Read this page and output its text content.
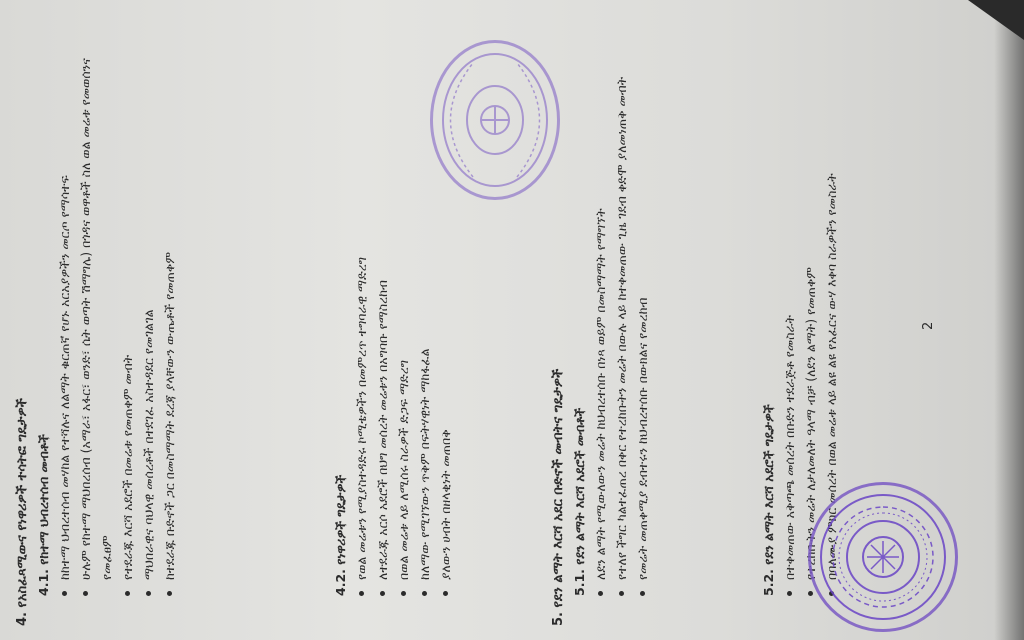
4. የአስፈጻሚውና የነዋሪዎች ተሳትፎ ግዴታዎች 4.1. የከተማ ህብረተሰብ መብቶች ከከተማ ህብረተሰብ መሃከል የተሻሉና ለልማት ቁርጠኛ የሆኑ አርአያዎችን መርጦ የማሳተፍ ሁሉም የከተማ ማህበረሰብ (አማራ፣ አፋር፣ ወንድ፣ ሴት ወጣት ሽማግሌ) በጎዳና ወዋቶች ስለ ወል መሬቱ የመወሰንና የመፈፀም የተደራጁ እርሻ አደሮች በመሬቱ የመጠቀም መብት ማህበራዊና ባህላዊ መሰረቶች በተደገፈ አስተዳደር የመገልገል ከተደራጁ ቡድኖች ጋር በመስማማት ደረጃ ያላቸውን ውጤቶች የመጠቀም	4.2. የነዋሪዎች ግዴታዎች የወል መሬቱን የሚያስተዳድሩ ኮሚቴዎችን በመምረጥ ተግባራዊ ማድረግ ለተደራጁ አርሶ አደሮች በህግ መሰረት መሬቱን በአግባቡ የማስረከብ በወል መሬቱ ላይ ለሚሰሩ ስራዎች ድጋፍ ማድረግ ከለማው የሚገኘውን ጥቅም በፍትሃዊነት ማከፋፈል ያለውን ሀብት በዘላቂነት መጠበቅ	5. የደን ልማት እርሻ አደር ቡድኖች መብትና ግዴታዎች 5.1. የደን ልማት እርሻ አደሮች መብቶች ለደን ልማት የሚውለውን መሬት ከህብረተሰቡ በነጻ ወይም በመስማማት የማግኘት የተለየ ችግር ካልተፈጠረ በቀር የተረከቡትን መሬት በውሉ ላይ ከተቀመጠው ጊዜ ገደብ ቀድሞ ያለመነጠቅ መብት የመሬት መጠቀሚያ ደብተሩን ከህብረተሰቡ በውክልና የመረከብ	5.2. የደን ልማት እርሻ አደሮች ግዴታዎች በተቀመጠው አቅጣጫ መሰረት በቡድን ተደራጅቶ የመስራት የተረከቡትን መሬት ለታለመለት ዓላማ ብቻ (ለደን ልማት) የመጠቀም በባለሙያ ምክር መሰረት በወል መሬቱ ላይ ልዩ ልዩ የአፈርና ውሃ እቀባ ስራዎችን የመስራት	2
